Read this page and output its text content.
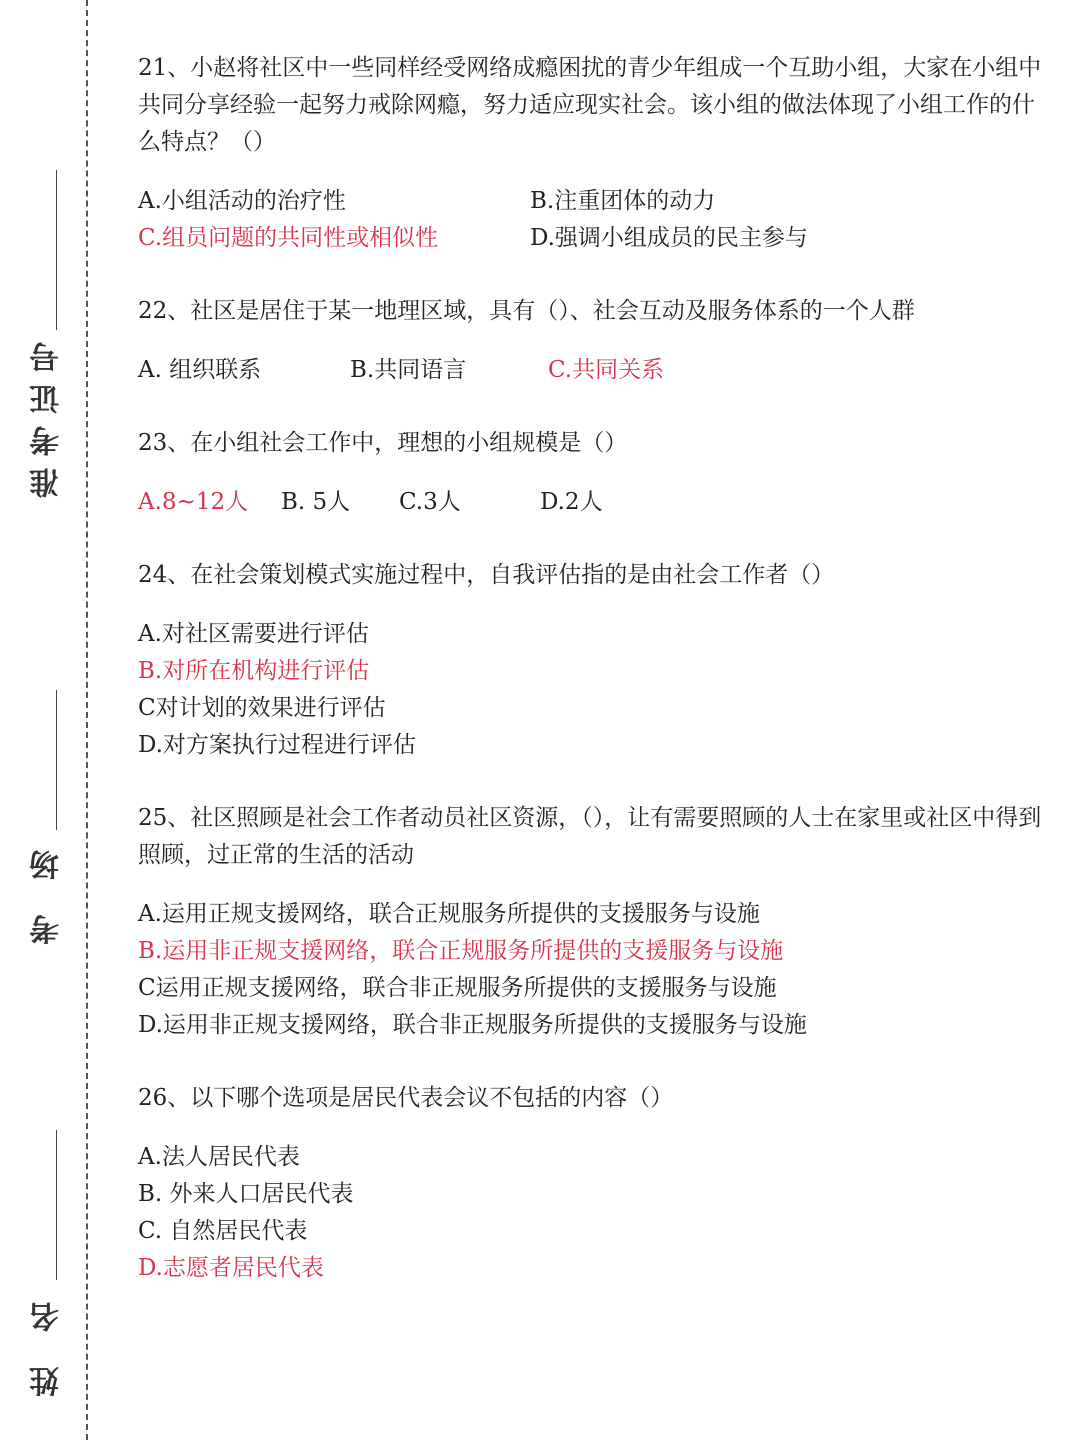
准考证号
考 场
姓 名

21、小赵将社区中一些同样经受网络成瘾困扰的青少年组成一个互助小组，大家在小组中共同分享经验一起努力戒除网瘾，努力适应现实社会。该小组的做法体现了小组工作的什么特点？（）

A.小组活动的治疗性	B.注重团体的动力
C.组员问题的共同性或相似性	D.强调小组成员的民主参与

22、社区是居住于某一地理区域，具有（）、社会互动及服务体系的一个人群

A. 组织联系	B.共同语言	C.共同关系

23、在小组社会工作中，理想的小组规模是（）

A.8~12人	B. 5人	C.3人	D.2人

24、在社会策划模式实施过程中，自我评估指的是由社会工作者（）

A.对社区需要进行评估
B.对所在机构进行评估
C对计划的效果进行评估
D.对方案执行过程进行评估

25、社区照顾是社会工作者动员社区资源，（），让有需要照顾的人士在家里或社区中得到照顾，过正常的生活的活动

A.运用正规支援网络，联合正规服务所提供的支援服务与设施
B.运用非正规支援网络，联合正规服务所提供的支援服务与设施
C运用正规支援网络，联合非正规服务所提供的支援服务与设施
D.运用非正规支援网络，联合非正规服务所提供的支援服务与设施

26、以下哪个选项是居民代表会议不包括的内容（）

A.法人居民代表
B. 外来人口居民代表
C. 自然居民代表
D.志愿者居民代表
